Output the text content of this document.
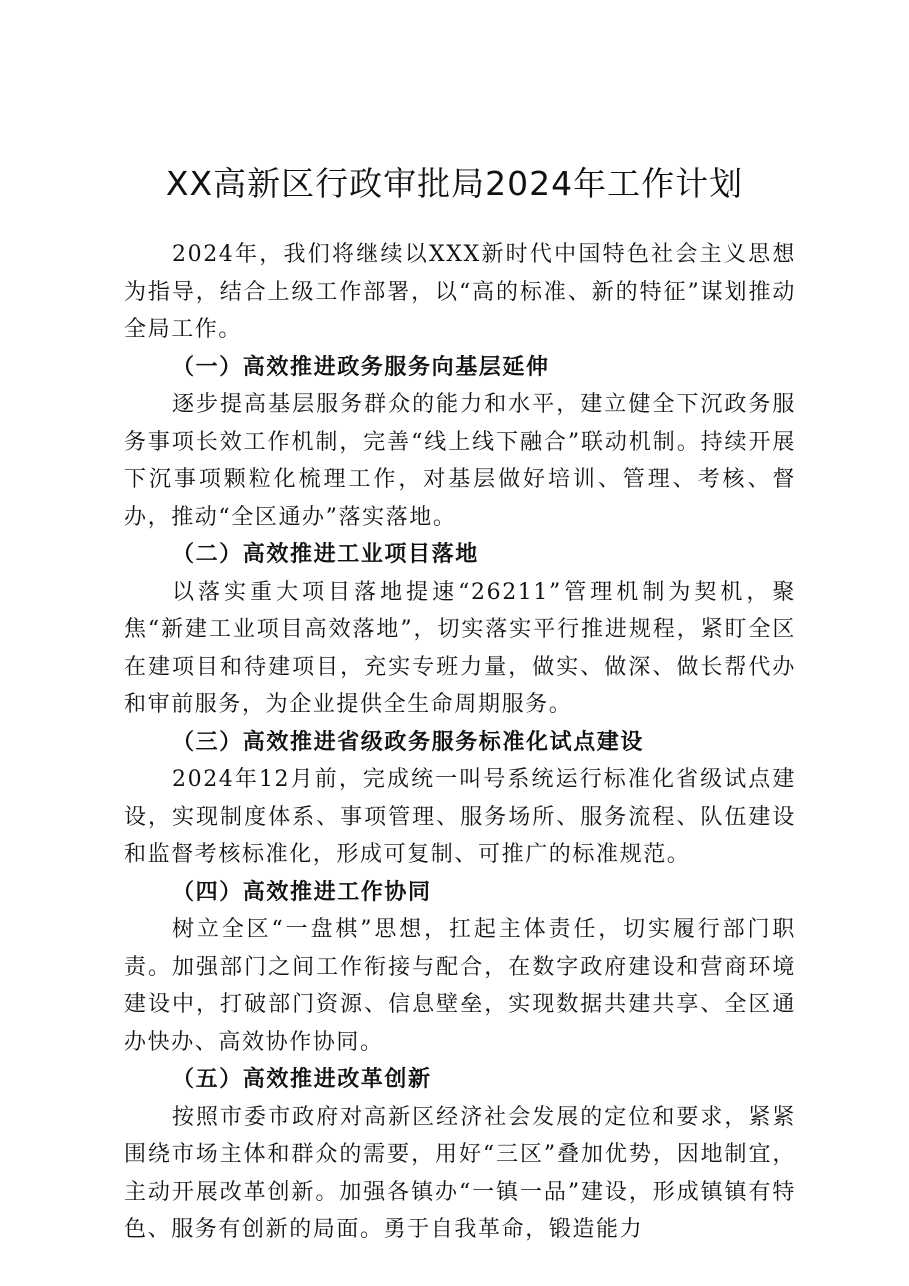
XX高新区行政审批局2024年工作计划

2024年，我们将继续以XXX新时代中国特色社会主义思想为指导，结合上级工作部署，以“高的标准、新的特征”谋划推动全局工作。

（一）高效推进政务服务向基层延伸

逐步提高基层服务群众的能力和水平，建立健全下沉政务服务事项长效工作机制，完善“线上线下融合”联动机制。持续开展下沉事项颗粒化梳理工作，对基层做好培训、管理、考核、督办，推动“全区通办”落实落地。

（二）高效推进工业项目落地

以落实重大项目落地提速“26211”管理机制为契机，聚焦“新建工业项目高效落地”，切实落实平行推进规程，紧盯全区在建项目和待建项目，充实专班力量，做实、做深、做长帮代办和审前服务，为企业提供全生命周期服务。

（三）高效推进省级政务服务标准化试点建设

2024年12月前，完成统一叫号系统运行标准化省级试点建设，实现制度体系、事项管理、服务场所、服务流程、队伍建设和监督考核标准化，形成可复制、可推广的标准规范。

（四）高效推进工作协同

树立全区“一盘棋”思想，扛起主体责任，切实履行部门职责。加强部门之间工作衔接与配合，在数字政府建设和营商环境建设中，打破部门资源、信息壁垒，实现数据共建共享、全区通办快办、高效协作协同。

（五）高效推进改革创新

按照市委市政府对高新区经济社会发展的定位和要求，紧紧围绕市场主体和群众的需要，用好“三区”叠加优势，因地制宜，主动开展改革创新。加强各镇办“一镇一品”建设，形成镇镇有特色、服务有创新的局面。勇于自我革命，锻造能力
